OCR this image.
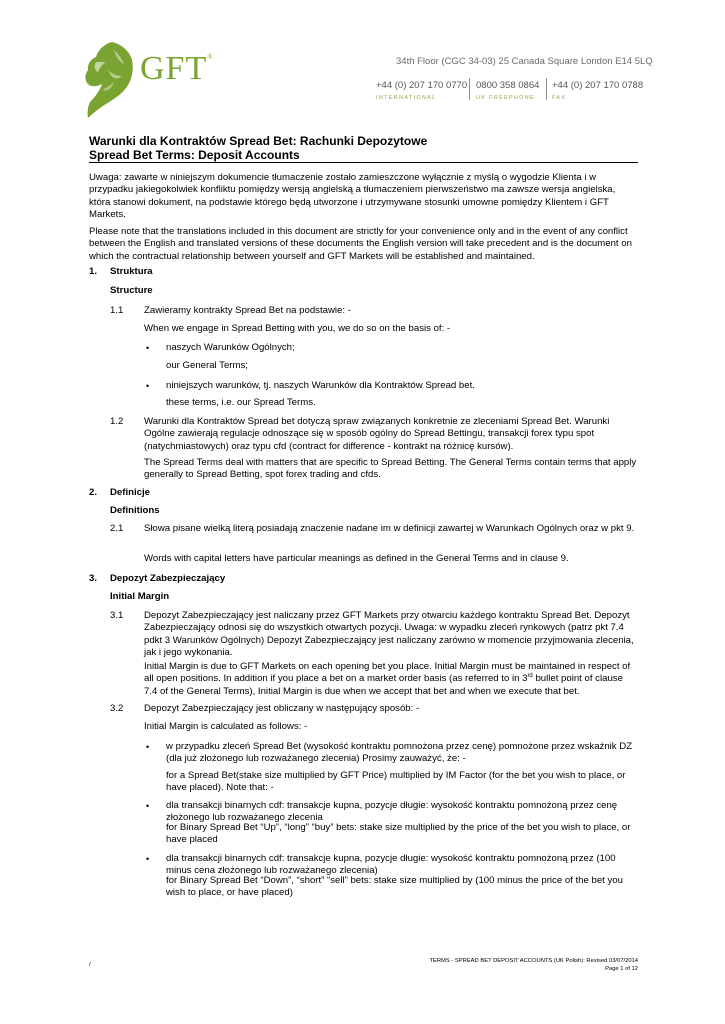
GFT®	34th Floor (CGC 34-03) 25 Canada Square London E14 5LQ
+44 (0) 207 170 0770
INTERNATIONAL
0800 358 0864
UK FREEPHONE
+44 (0) 207 170 0788
FAX
Warunki dla Kontraktów Spread Bet: Rachunki Depozytowe
Spread Bet Terms: Deposit Accounts

Uwaga: zawarte w niniejszym dokumencie tłumaczenie zostało zamieszczone wyłącznie z myślą o wygodzie Klienta i w przypadku jakiegokolwiek konfliktu pomiędzy wersją angielską a tłumaczeniem pierwszeństwo ma zawsze wersja angielska, która stanowi dokument, na podstawie którego będą utworzone i utrzymywane stosunki umowne pomiędzy Klientem i GFT Markets.

Please note that the translations included in this document are strictly for your convenience only and in the event of any conflict between the English and translated versions of these documents the English version will take precedent and is the document on which the contractual relationship between yourself and GFT Markets will be established and maintained.

1. Struktura
Structure
1.1 Zawieramy kontrakty Spread Bet na podstawie: -

When we engage in Spread Betting with you, we do so on the basis of: -

• naszych Warunków Ogólnych;

our General Terms;

• niniejszych warunków, tj. naszych Warunków dla Kontraktów Spread bet.

these terms, i.e. our Spread Terms.

1.2 Warunki dla Kontraktów Spread bet dotyczą spraw związanych konkretnie ze zleceniami Spread Bet. Warunki Ogólne zawierają regulacje odnoszące się w sposób ogólny do Spread Bettingu, transakcji forex typu spot (natychmiastowych) oraz typu cfd (contract for difference - kontrakt na różnicę kursów).

The Spread Terms deal with matters that are specific to Spread Betting. The General Terms contain terms that apply generally to Spread Betting, spot forex trading and cfds.

2. Definicje
Definitions
2.1 Słowa pisane wielką literą posiadają znaczenie nadane im w definicji zawartej w Warunkach Ogólnych oraz w pkt 9.

Words with capital letters have particular meanings as defined in the General Terms and in clause 9.

3. Depozyt Zabezpieczający
Initial Margin
3.1 Depozyt Zabezpieczający jest naliczany przez GFT Markets przy otwarciu każdego kontraktu Spread Bet. Depozyt Zabezpieczający odnosi się do wszystkich otwartych pozycji. Uwaga: w wypadku zleceń rynkowych (patrz pkt 7.4 pdkt 3 Warunków Ogólnych) Depozyt Zabezpieczający jest naliczany zarówno w momencie przyjmowania zlecenia, jak i jego wykonania.

Initial Margin is due to GFT Markets on each opening bet you place. Initial Margin must be maintained in respect of all open positions. In addition if you place a bet on a market order basis (as referred to in 3rd bullet point of clause 7.4 of the General Terms), Initial Margin is due when we accept that bet and when we execute that bet.

3.2 Depozyt Zabezpieczający jest obliczany w następujący sposób: -

Initial Margin is calculated as follows: -

• w przypadku zleceń Spread Bet (wysokość kontraktu pomnożona przez cenę) pomnożone przez wskaźnik DZ (dla już złożonego lub rozważanego zlecenia) Prosimy zauważyć, że: -

for a Spread Bet(stake size multiplied by GFT Price) multiplied by IM Factor (for the bet you wish to place, or have placed). Note that: -

• dla transakcji binarnych cdf: transakcje kupna, pozycje długie: wysokość kontraktu pomnożoną przez cenę złożonego lub rozważanego zlecenia

for Binary Spread Bet “Up”, “long” “buy” bets: stake size multiplied by the price of the bet you wish to place, or have placed

• dla transakcji binarnych cdf: transakcje kupna, pozycje długie: wysokość kontraktu pomnożoną przez (100 minus cena złożonego lub rozważanego zlecenia)

for Binary Spread Bet “Down”, “short” “sell” bets: stake size multiplied by (100 minus the price of the bet you wish to place, or have placed)

/
TERMS - SPREAD BET DEPOSIT ACCOUNTS (UK Polish): Revised 03/07/2014
Page 1 of 12
